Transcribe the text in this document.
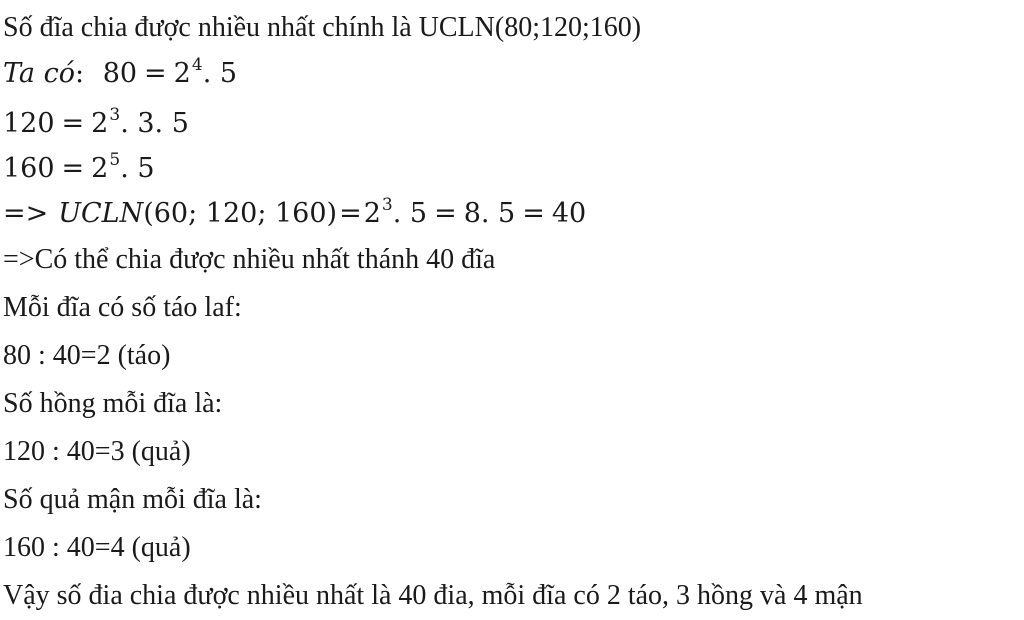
Số đĩa chia được nhiều nhất chính là UCLN(80;120;160)
Ta có: $80 = 2^4$. 5
$120 = 2^3$. 3. 5
$160 = 2^5$. 5
=> UCLN(60; 120; $160)=2^3$. 5 = 8. 5 = 40
=>Có thể chia được nhiều nhất thánh 40 đĩa
Mỗi đĩa có số táo laf:
80 : 40=2 (táo)
Số hồng mỗi đĩa là:
120 : 40=3 (quả)
Số quả mận mỗi đĩa là:
160 : 40=4 (quả)
Vậy số đia chia được nhiều nhất là 40 đia, mỗi đĩa có 2 táo, 3 hồng và 4 mận
